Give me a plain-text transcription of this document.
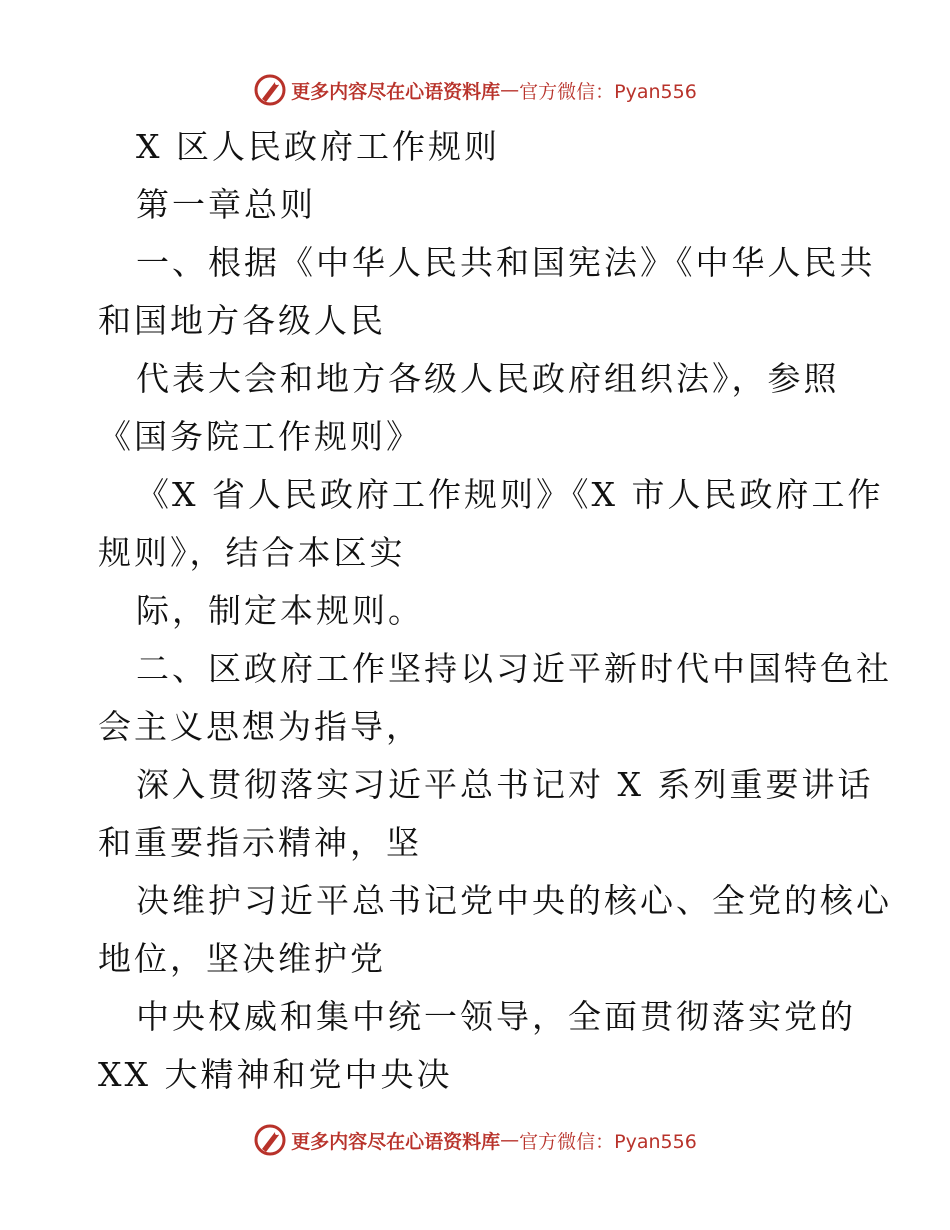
更多内容尽在心语资料库 — 官方微信：Pyan556
X 区人民政府工作规则
第一章总则
一、根据《中华人民共和国宪法》《中华人民共
和国地方各级人民
代表大会和地方各级人民政府组织法》，参照
《国务院工作规则》
《X 省人民政府工作规则》《X 市人民政府工作
规则》，结合本区实
际，制定本规则。
二、区政府工作坚持以习近平新时代中国特色社
会主义思想为指导，
深入贯彻落实习近平总书记对 X 系列重要讲话
和重要指示精神，坚
决维护习近平总书记党中央的核心、全党的核心
地位，坚决维护党
中央权威和集中统一领导，全面贯彻落实党的
XX 大精神和党中央决
更多内容尽在心语资料库 — 官方微信：Pyan556
